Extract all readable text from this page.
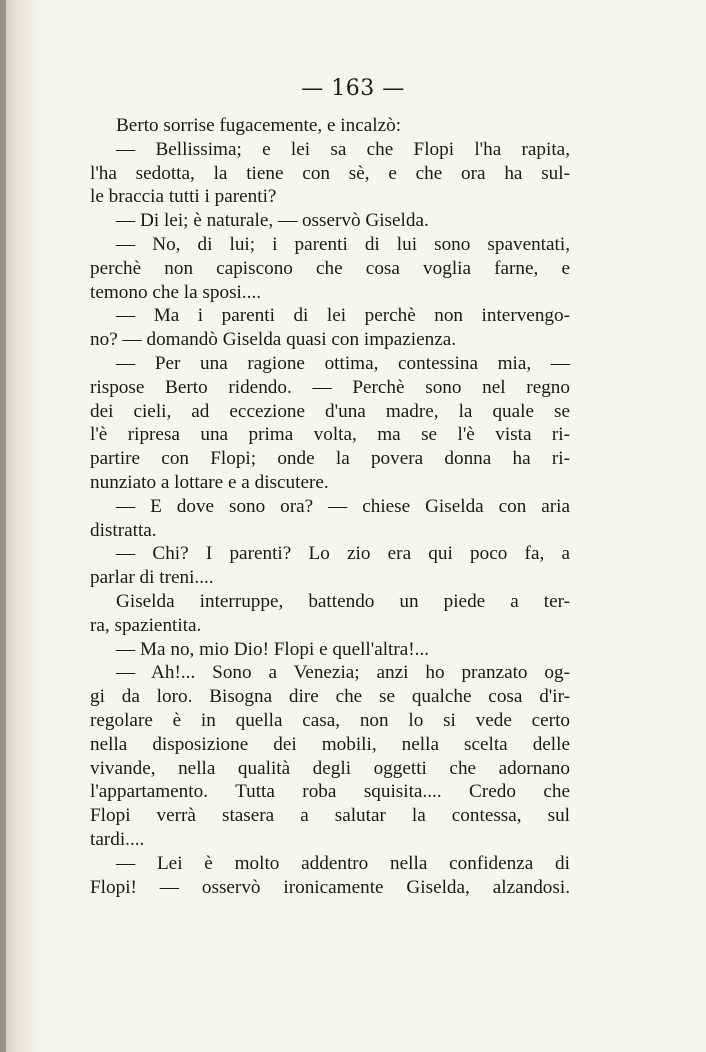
— 163 —
Berto sorrise fugacemente, e incalzò:
— Bellissima; e lei sa che Flopi l'ha rapita,
l'ha sedotta, la tiene con sè, e che ora ha sul-
le braccia tutti i parenti?
— Di lei; è naturale, — osservò Giselda.
— No, di lui; i parenti di lui sono spaventati,
perchè non capiscono che cosa voglia farne, e
temono che la sposi....
— Ma i parenti di lei perchè non intervengo-
no? — domandò Giselda quasi con impazienza.
— Per una ragione ottima, contessina mia, —
rispose Berto ridendo. — Perchè sono nel regno
dei cieli, ad eccezione d'una madre, la quale se
l'è ripresa una prima volta, ma se l'è vista ri-
partire con Flopi; onde la povera donna ha ri-
nunziato a lottare e a discutere.
— E dove sono ora? — chiese Giselda con aria
distratta.
— Chi? I parenti? Lo zio era qui poco fa, a
parlar di treni....
Giselda interruppe, battendo un piede a ter-
ra, spazientita.
— Ma no, mio Dio! Flopi e quell'altra!...
— Ah!... Sono a Venezia; anzi ho pranzato og-
gi da loro. Bisogna dire che se qualche cosa d'ir-
regolare è in quella casa, non lo si vede certo
nella disposizione dei mobili, nella scelta delle
vivande, nella qualità degli oggetti che adornano
l'appartamento. Tutta roba squisita.... Credo che
Flopi verrà stasera a salutar la contessa, sul
tardi....
— Lei è molto addentro nella confidenza di
Flopi! — osservò ironicamente Giselda, alzandosi.
